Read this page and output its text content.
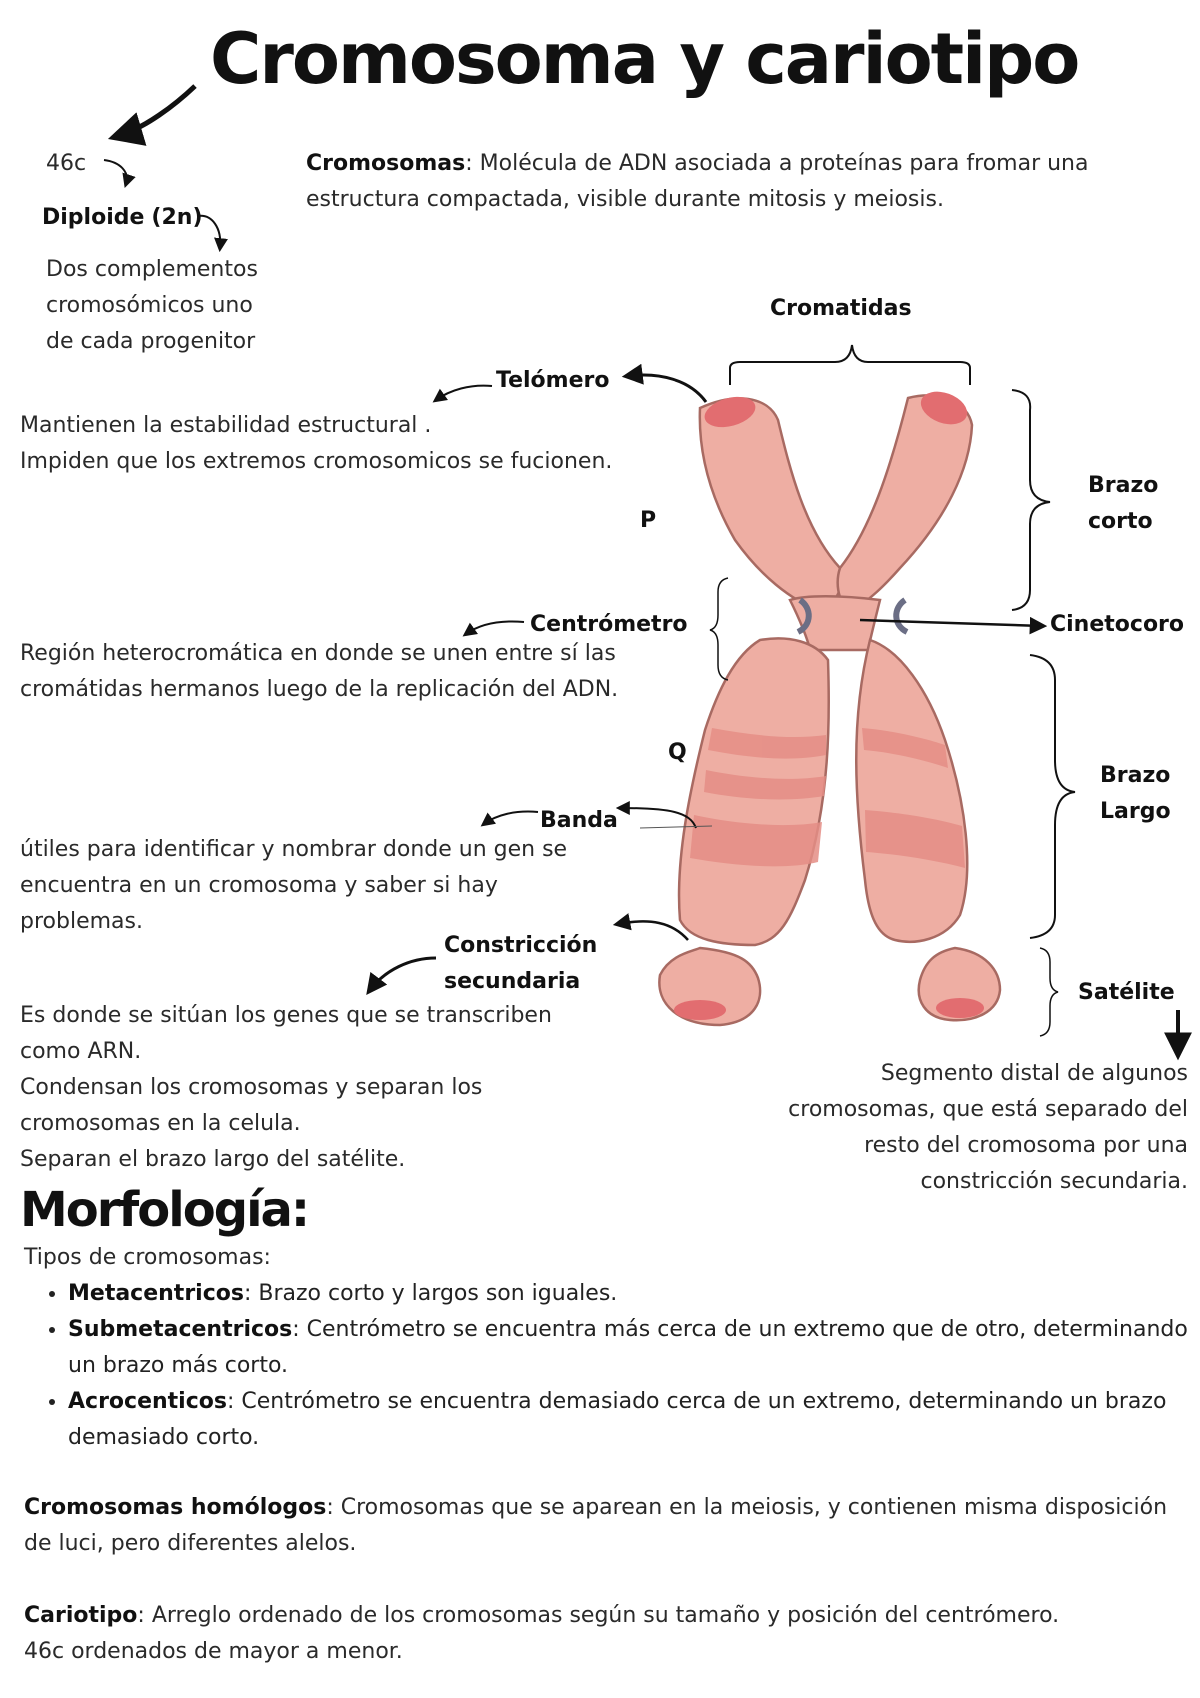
Cromosoma y cariotipo
46c
Diploide (2n)
Dos complementos
cromosómicos uno
de cada progenitor
Cromosomas: Molécula de ADN asociada a proteínas para fromar una estructura compactada, visible durante mitosis y meiosis.
Cromatidas
Telómero
Mantienen la estabilidad estructural .
Impiden que los extremos cromosomicos se fucionen.
P
Brazo
corto
Centrómetro	Cinetocoro
Región heterocromática en donde se unen entre sí las
cromátidas hermanos luego de la replicación del ADN.
Q
Brazo
Largo
Banda
útiles para identificar y nombrar donde un gen se
encuentra en un cromosoma y saber si hay
problemas.
Constricción
secundaria
Es donde se sitúan los genes que se transcriben
como ARN.
Condensan los cromosomas y separan los
cromosomas en la celula.
Separan el brazo largo del satélite.
Satélite
Segmento distal de algunos
cromosomas, que está separado del
resto del cromosoma por una
constricción secundaria.
Morfología:
Tipos de cromosomas:
• Metacentricos: Brazo corto y largos son iguales.
• Submetacentricos: Centrómetro se encuentra más cerca de un extremo que de otro, determinando un brazo más corto.
• Acrocenticos: Centrómetro se encuentra demasiado cerca de un extremo, determinando un brazo demasiado corto.
Cromosomas homólogos: Cromosomas que se aparean en la meiosis, y contienen misma disposición de luci, pero diferentes alelos.
Cariotipo: Arreglo ordenado de los cromosomas según su tamaño y posición del centrómero.
46c ordenados de mayor a menor.
